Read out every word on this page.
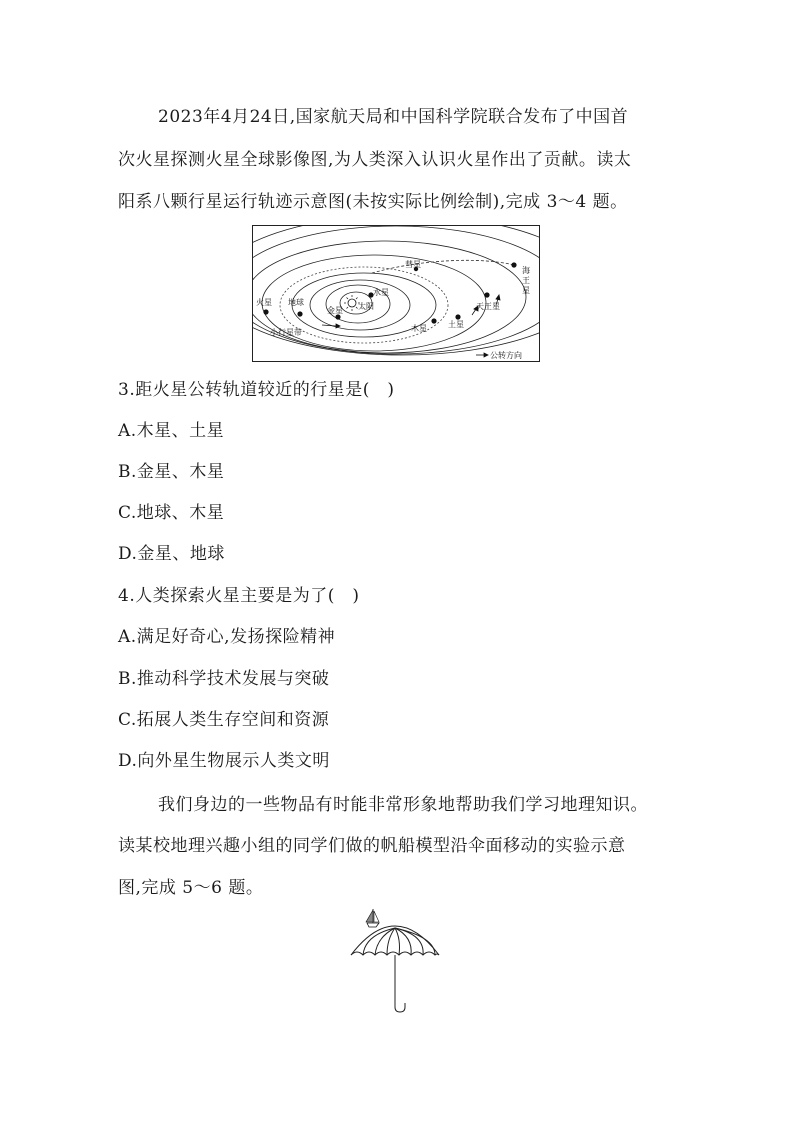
2023年4月24日,国家航天局和中国科学院联合发布了中国首
次火星探测火星全球影像图,为人类深入认识火星作出了贡献。读太
阳系八颗行星运行轨迹示意图(未按实际比例绘制),完成 3～4 题。
太阳
水星
金星
地球
火星
木星	土星
天王星
彗星
小行星带
公转方向
海 王 星
3.距火星公转轨道较近的行星是(　)
A.木星、土星
B.金星、木星
C.地球、木星
D.金星、地球
4.人类探索火星主要是为了(　)
A.满足好奇心,发扬探险精神
B.推动科学技术发展与突破
C.拓展人类生存空间和资源
D.向外星生物展示人类文明
我们身边的一些物品有时能非常形象地帮助我们学习地理知识。
读某校地理兴趣小组的同学们做的帆船模型沿伞面移动的实验示意
图,完成 5～6 题。
